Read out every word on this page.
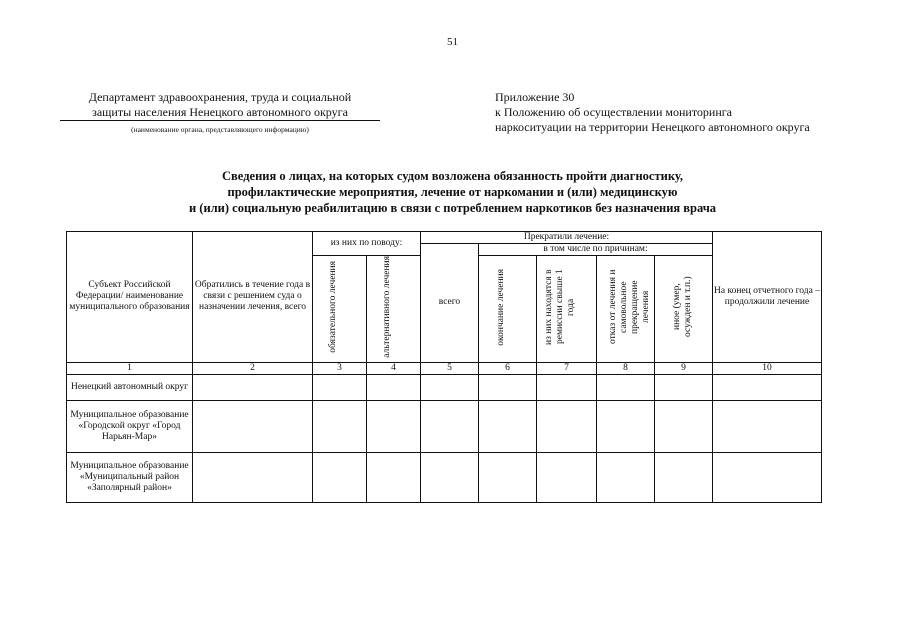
51
Департамент здравоохранения, труда и социальной

защиты населения Ненецкого автономного округа
(наименование органа, представляющего информацию)
Приложение 30
к Положению об осуществлении мониторинга
наркоситуации на территории Ненецкого автономного округа
Сведения о лицах, на которых судом возложена обязанность пройти диагностику,
профилактические мероприятия, лечение от наркомании и (или) медицинскую
и (или) социальную реабилитацию в связи с потреблением наркотиков без назначения врача
Субъект Российской Федерации/ наименование муниципального образования	Обратились в течение года в связи с решением суда о назначении лечения, всего	из них по поводу:		Прекратили лечение:					На конец отчетного года – продолжили лечение

				всего	в том числе по причинам:				
		обязательного лечения	альтернативного лечения		окончание лечения	из них находятся в ремиссии свыше 1 года	отказ от лечения и самовольное прекращение лечения	иное (умер, осужден и т.п.)	
1	2	3	4	5	6	7	8	9	10
Ненецкий автономный округ									
Муниципальное образование «Городской округ «Город Нарьян-Мар»									
Муниципальное образование «Муниципальный район «Заполярный район»									
